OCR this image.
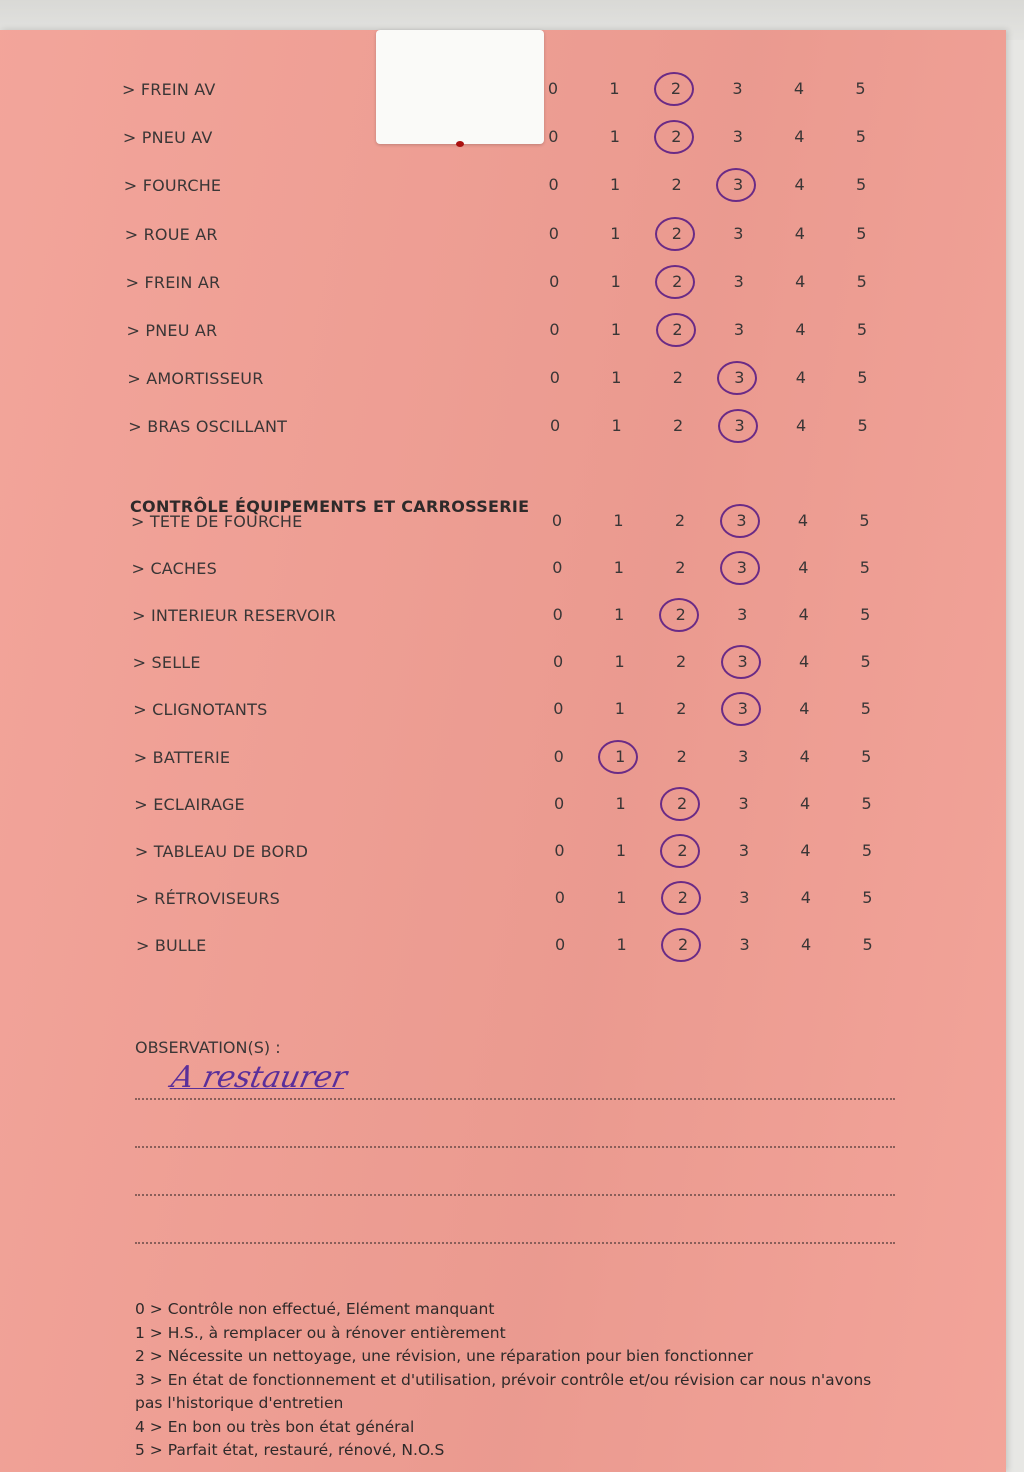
> FREIN AV	0	1	2	3	4	5
> PNEU AV	0	1	2	3	4	5
> FOURCHE	0	1	2	3	4	5
> ROUE AR	0	1	2	3	4	5
> FREIN AR	0	1	2	3	4	5
> PNEU AR	0	1	2	3	4	5
> AMORTISSEUR	0	1	2	3	4	5
> BRAS OSCILLANT	0	1	2	3	4	5
CONTRÔLE ÉQUIPEMENTS ET CARROSSERIE
> TETE DE FOURCHE	0	1	2	3	4	5
> CACHES	0	1	2	3	4	5
> INTERIEUR RESERVOIR	0	1	2	3	4	5
> SELLE	0	1	2	3	4	5
> CLIGNOTANTS	0	1	2	3	4	5
> BATTERIE	0	1	2	3	4	5
> ECLAIRAGE	0	1	2	3	4	5
> TABLEAU DE BORD	0	1	2	3	4	5
> RÉTROVISEURS	0	1	2	3	4	5
> BULLE	0	1	2	3	4	5
OBSERVATION(S) :
A restaurer
0 > Contrôle non effectué, Elément manquant
1 > H.S., à remplacer ou à rénover entièrement
2 > Nécessite un nettoyage, une révision, une réparation pour bien fonctionner
3 > En état de fonctionnement et d'utilisation, prévoir contrôle et/ou révision car nous n'avons pas l'historique d'entretien
4 > En bon ou très bon état général
5 > Parfait état, restauré, rénové, N.O.S
